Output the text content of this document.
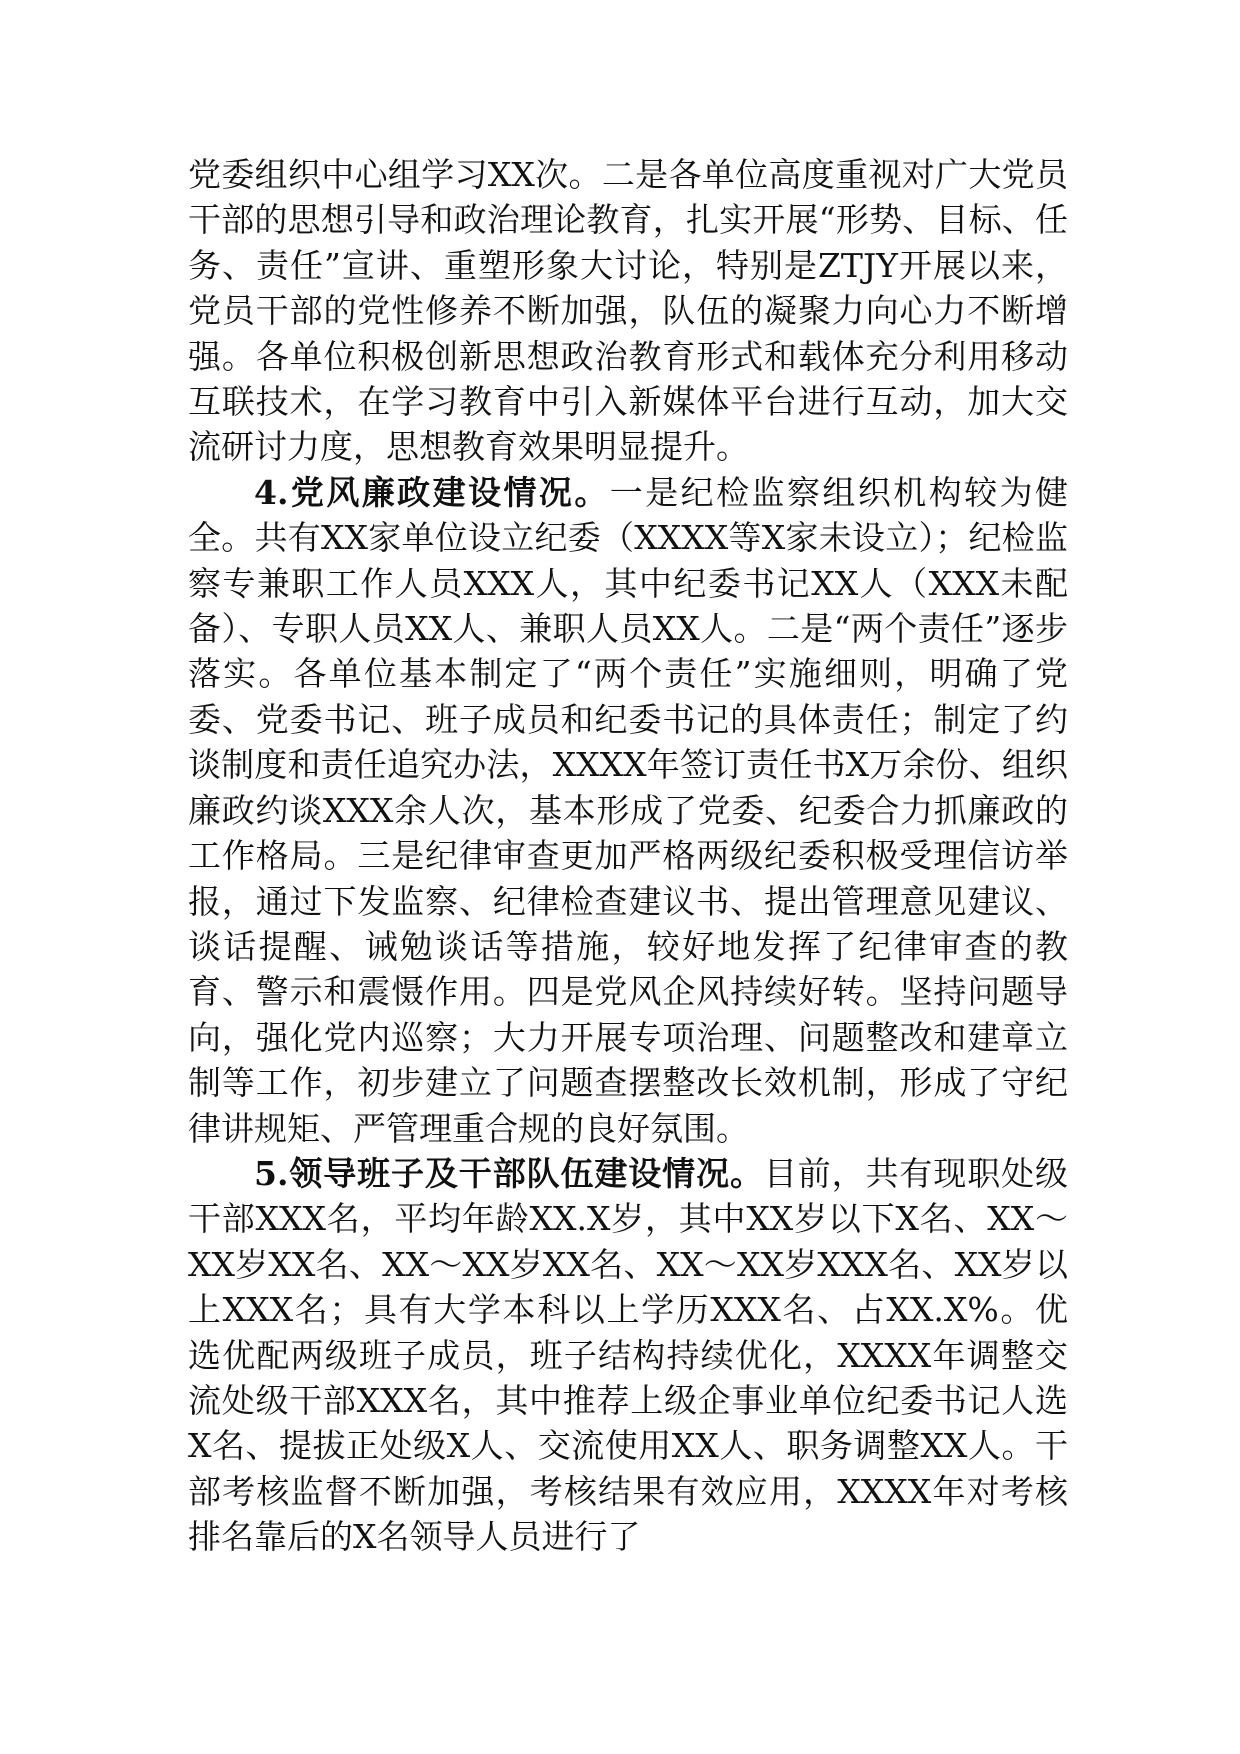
党委组织中心组学习XX次。二是各单位高度重视对广大党员干部的思想引导和政治理论教育，扎实开展“形势、目标、任务、责任”宣讲、重塑形象大讨论，特别是ZTJY开展以来，党员干部的党性修养不断加强，队伍的凝聚力向心力不断增强。各单位积极创新思想政治教育形式和载体充分利用移动互联技术，在学习教育中引入新媒体平台进行互动，加大交流研讨力度，思想教育效果明显提升。

4.党风廉政建设情况。一是纪检监察组织机构较为健全。共有XX家单位设立纪委（XXXX等X家未设立）；纪检监察专兼职工作人员XXX人，其中纪委书记XX人（XXX未配备）、专职人员XX人、兼职人员XX人。二是“两个责任”逐步落实。各单位基本制定了“两个责任”实施细则，明确了党委、党委书记、班子成员和纪委书记的具体责任；制定了约谈制度和责任追究办法，XXXX年签订责任书X万余份、组织廉政约谈XXX余人次，基本形成了党委、纪委合力抓廉政的工作格局。三是纪律审查更加严格两级纪委积极受理信访举报，通过下发监察、纪律检查建议书、提出管理意见建议、谈话提醒、诫勉谈话等措施，较好地发挥了纪律审查的教育、警示和震慑作用。四是党风企风持续好转。坚持问题导向，强化党内巡察；大力开展专项治理、问题整改和建章立制等工作，初步建立了问题查摆整改长效机制，形成了守纪律讲规矩、严管理重合规的良好氛围。

5.领导班子及干部队伍建设情况。目前，共有现职处级干部XXX名，平均年龄XX.X岁，其中XX岁以下X名、XX～XX岁XX名、XX～XX岁XX名、XX～XX岁XXX名、XX岁以上XXX名；具有大学本科以上学历XXX名、占XX.X%。优选优配两级班子成员，班子结构持续优化，XXXX年调整交流处级干部XXX名，其中推荐上级企事业单位纪委书记人选X名、提拔正处级X人、交流使用XX人、职务调整XX人。干部考核监督不断加强，考核结果有效应用，XXXX年对考核排名靠后的X名领导人员进行了
